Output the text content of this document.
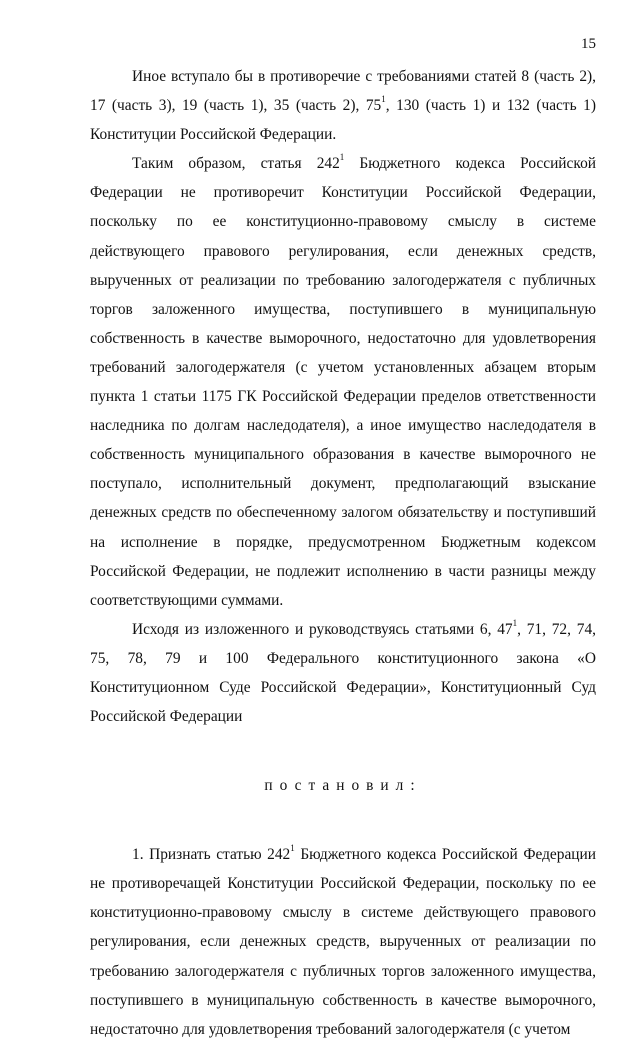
15

Иное вступало бы в противоречие с требованиями статей 8 (часть 2), 17 (часть 3), 19 (часть 1), 35 (часть 2), $75^1$, 130 (часть 1) и 132 (часть 1) Конституции Российской Федерации.

Таким образом, статья $242^1$ Бюджетного кодекса Российской Федерации не противоречит Конституции Российской Федерации, поскольку по ее конституционно-правовому смыслу в системе действующего правового регулирования, если денежных средств, вырученных от реализации по требованию залогодержателя с публичных торгов заложенного имущества, поступившего в муниципальную собственность в качестве выморочного, недостаточно для удовлетворения требований залогодержателя (с учетом установленных абзацем вторым пункта 1 статьи 1175 ГК Российской Федерации пределов ответственности наследника по долгам наследодателя), а иное имущество наследодателя в собственность муниципального образования в качестве выморочного не поступало, исполнительный документ, предполагающий взыскание денежных средств по обеспеченному залогом обязательству и поступивший на исполнение в порядке, предусмотренном Бюджетным кодексом Российской Федерации, не подлежит исполнению в части разницы между соответствующими суммами.

Исходя из изложенного и руководствуясь статьями 6, $47^1$, 71, 72, 74, 75, 78, 79 и 100 Федерального конституционного закона «О Конституционном Суде Российской Федерации», Конституционный Суд Российской Федерации

постановил:

1. Признать статью $242^1$ Бюджетного кодекса Российской Федерации не противоречащей Конституции Российской Федерации, поскольку по ее конституционно-правовому смыслу в системе действующего правового регулирования, если денежных средств, вырученных от реализации по требованию залогодержателя с публичных торгов заложенного имущества, поступившего в муниципальную собственность в качестве выморочного, недостаточно для удовлетворения требований залогодержателя (с учетом
